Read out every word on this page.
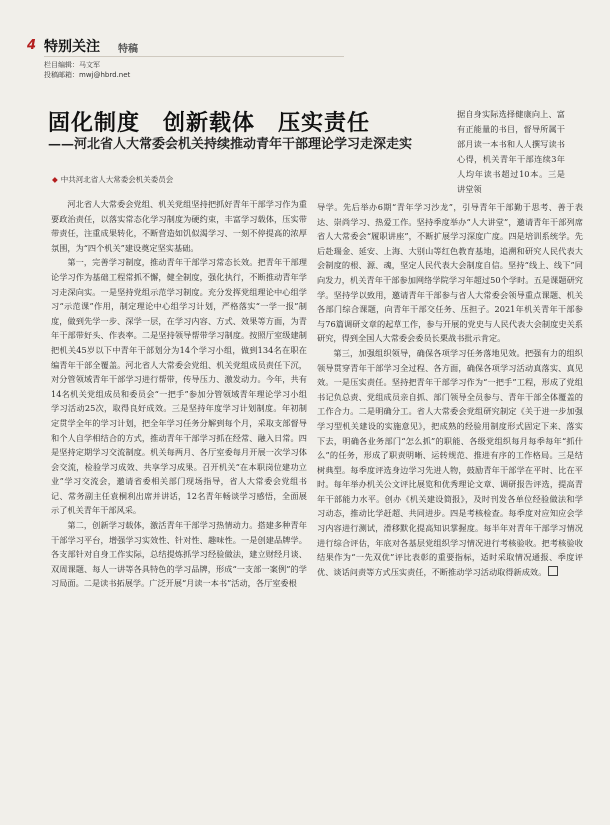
4 特别关注 特稿
栏目编辑：马文军
投稿邮箱：mwj@hbrd.net
固化制度　创新载体　压实责任
——河北省人大常委会机关持续推动青年干部理论学习走深走实
◆ 中共河北省人大常委会机关委员会

据自身实际选择健康向上、富有正能量的书目，督导所属干部月读一本书和人人撰写读书心得，机关青年干部连续3年人均年读书超过10本。三是讲堂领

河北省人大常委会党组、机关党组坚持把抓好青年干部学习作为重要政治责任，以落实常态化学习制度为硬约束，丰富学习载体，压实带带责任，注重成果转化，不断营造如饥似渴学习、一刻不停提高的浓厚氛围，为“四个机关”建设奠定坚实基础。

第一，完善学习制度，推动青年干部学习常态长效。把青年干部理论学习作为基础工程常抓不懈，健全制度，强化执行，不断推动青年学习走深向实。一是坚持党组示范学习制度。充分发挥党组理论中心组学习“示范课”作用，制定理论中心组学习计划，严格落实“一学一报”制度，做到先学一步、深学一层，在学习内容、方式、效果等方面，为青年干部带好头、作表率。二是坚持领导帮带学习制度。按照厅室级建制把机关45岁以下中青年干部划分为14个学习小组，做到134名在职在编青年干部全覆盖。河北省人大常委会党组、机关党组成员责任下沉，对分管领域青年干部学习进行帮带，传导压力、激发动力。今年，共有14名机关党组成员和委员会“一把手”参加分管领域青年理论学习小组学习活动25次，取得良好成效。三是坚持年度学习计划制度。年初制定贯学全年的学习计划，把全年学习任务分解到每个月，采取支部督导和个人自学相结合的方式，推动青年干部学习抓在经常、融入日常。四是坚持定期学习交流制度。机关每两月、各厅室委每月开展一次学习体会交流，检验学习成效、共享学习成果。召开机关“在本职岗位建功立业”学习交流会，邀请省委相关部门现场指导，省人大常委会党组书记、常务副主任袁桐利出席并讲话，12名青年畅谈学习感悟，全面展示了机关青年干部风采。

第二，创新学习载体，激活青年干部学习热情动力。搭建多种青年干部学习平台，增强学习实效性、针对性、趣味性。一是创建品牌学。各支部针对自身工作实际，总结提炼抓学习经验做法，建立财经月谈、双周课题、每人一讲等各具特色的学习品牌，形成“一支部一案例”的学习局面。二是读书拓展学。广泛开展“月读一本书”活动，各厅室委根

导学。先后举办6期“青年学习沙龙”，引导青年干部勤于思考、善于表达、崇尚学习、热爱工作。坚持季度举办“人大讲堂”，邀请青年干部列席省人大常委会“履职讲座”，不断扩展学习深度广度。四是培训系统学。先后赴瑞金、延安、上海、大别山等红色教育基地，追溯和研究人民代表大会制度的根、源、魂，坚定人民代表大会制度自信。坚持“线上、线下”同向发力，机关青年干部参加网络学院学习年超过50个学时。五是课题研究学。坚持学以致用，邀请青年干部参与省人大常委会领导重点课题、机关各部门综合课题，向青年干部交任务、压担子。2021年机关青年干部参与76篇调研文章的起草工作，参与开展的党史与人民代表大会制度史关系研究，得到全国人大常委会委员长栗战书批示肯定。

第三，加强组织领导，确保各项学习任务落地见效。把强有力的组织领导贯穿青年干部学习全过程、各方面，确保各项学习活动真落实、真见效。一是压实责任。坚持把青年干部学习作为“一把手”工程，形成了党组书记负总责、党组成员亲自抓、部门领导全员参与、青年干部全体覆盖的工作合力。二是明确分工。省人大常委会党组研究制定《关于进一步加强学习型机关建设的实施意见》，把成熟的经验用制度形式固定下来、落实下去，明确各业务部门“怎么抓”的职能、各级党组织每月每季每年“抓什么”的任务，形成了职责明晰、运转规范、推进有序的工作格局。三是结树典型。每季度评选身边学习先进人物，鼓励青年干部学在平时、比在平时。每年举办机关公文评比展览和优秀理论文章、调研报告评选，提高青年干部能力水平。创办《机关建设简报》，及时刊发各单位经验做法和学习动态，推动比学赶超、共同进步。四是考核检查。每季度对应知应会学习内容进行测试，滑移默化提高知识掌握度。每半年对青年干部学习情况进行综合评估，年底对各基层党组织学习情况进行考核验收。把考核验收结果作为“一先双优”评比表彰的重要指标，适时采取情况通报、季度评优、谈话问责等方式压实责任，不断推动学习活动取得新成效。
